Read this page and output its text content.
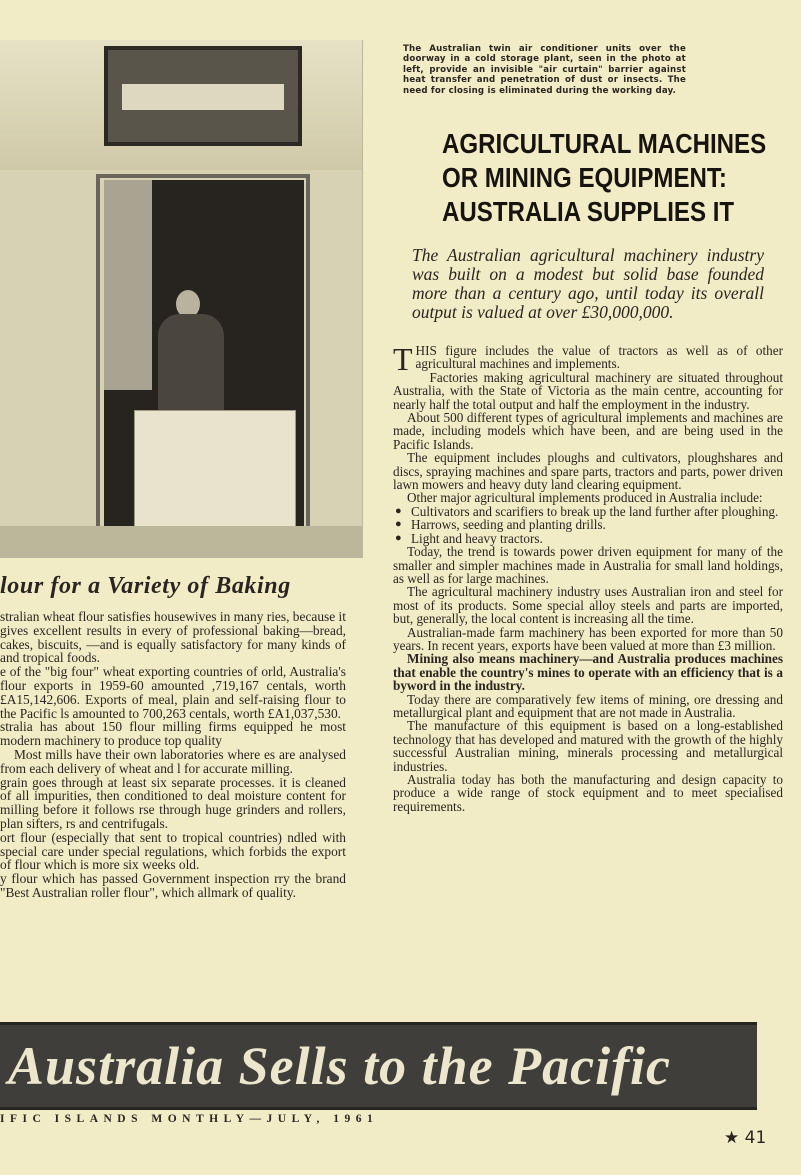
The Australian twin air conditioner units over the doorway in a cold storage plant, seen in the photo at left, provide an invisible "air curtain" barrier against heat transfer and penetration of dust or insects. The need for closing is eliminated during the working day.

AGRICULTURAL MACHINES
OR MINING EQUIPMENT:
AUSTRALIA SUPPLIES IT

The Australian agricultural machinery industry was built on a modest but solid base founded more than a century ago, until today its overall output is valued at over £30,000,000.

THIS figure includes the value of tractors as well as of other agricultural machines and implements.

Factories making agricultural machinery are situated throughout Australia, with the State of Victoria as the main centre, accounting for nearly half the total output and half the employment in the industry.

About 500 different types of agricultural implements and machines are made, including models which have been, and are being used in the Pacific Islands.

The equipment includes ploughs and cultivators, ploughshares and discs, spraying machines and spare parts, tractors and parts, power driven lawn mowers and heavy duty land clearing equipment.

Other major agricultural implements produced in Australia include:

● Cultivators and scarifiers to break up the land further after ploughing.
● Harrows, seeding and planting drills.
● Light and heavy tractors.

Today, the trend is towards power driven equipment for many of the smaller and simpler machines made in Australia for small land holdings, as well as for large machines.

The agricultural machinery industry uses Australian iron and steel for most of its products. Some special alloy steels and parts are imported, but, generally, the local content is increasing all the time.

Australian-made farm machinery has been exported for more than 50 years. In recent years, exports have been valued at more than £3 million.

Mining also means machinery—and Australia produces machines that enable the country's mines to operate with an efficiency that is a byword in the industry.

Today there are comparatively few items of mining, ore dressing and metallurgical plant and equipment that are not made in Australia.

The manufacture of this equipment is based on a long-established technology that has developed and matured with the growth of the highly successful Australian mining, minerals processing and metallurgical industries.

Australia today has both the manufacturing and design capacity to produce a wide range of stock equipment and to meet specialised requirements.

lour for a Variety of Baking

stralian wheat flour satisfies housewives in many ries, because it gives excellent results in every of professional baking—bread, cakes, biscuits, —and is equally satisfactory for many kinds of and tropical foods.

e of the "big four" wheat exporting countries of orld, Australia's flour exports in 1959-60 amounted ,719,167 centals, worth £A15,142,606. Exports of meal, plain and self-raising flour to the Pacific ls amounted to 700,263 centals, worth £A1,037,530.

stralia has about 150 flour milling firms equipped he most modern machinery to produce top quality

Most mills have their own laboratories where es are analysed from each delivery of wheat and l for accurate milling.

grain goes through at least six separate processes. it is cleaned of all impurities, then conditioned to deal moisture content for milling before it follows rse through huge grinders and rollers, plan sifters, rs and centrifugals.

ort flour (especially that sent to tropical countries) ndled with special care under special regulations, which forbids the export of flour which is more six weeks old.

y flour which has passed Government inspection rry the brand "Best Australian roller flour", which allmark of quality.

Australia Sells to the Pacific

IFIC ISLANDS MONTHLY—JULY, 1961

★ 41
